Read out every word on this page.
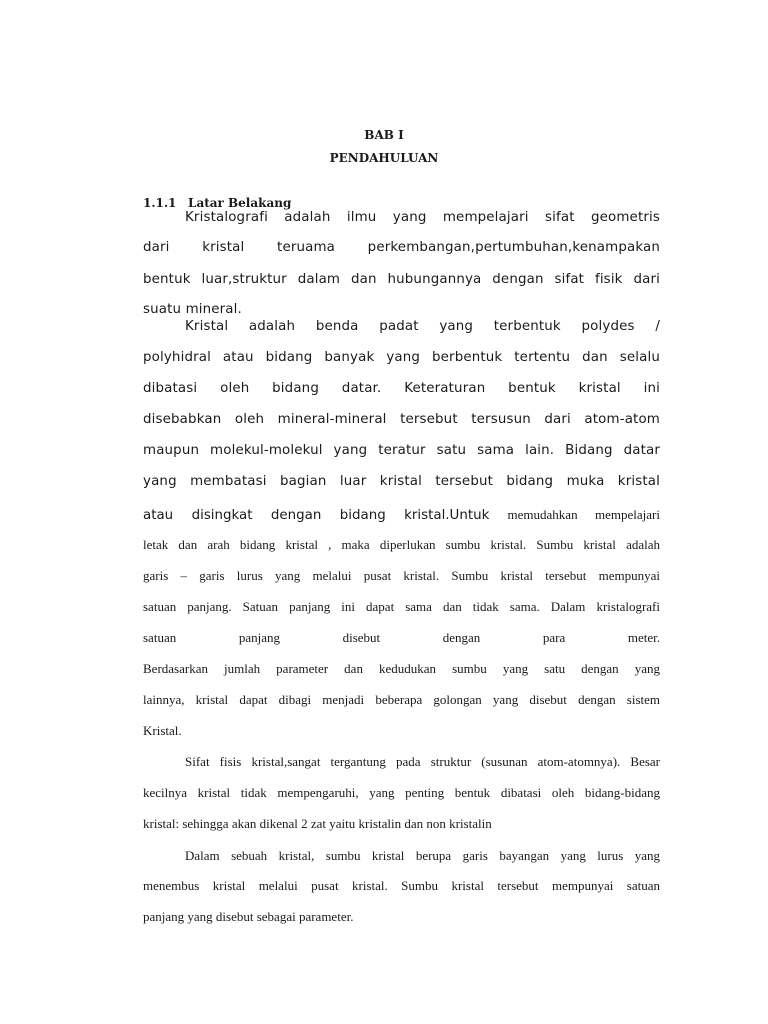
BAB I
PENDAHULUAN
1.1.1 Latar Belakang
Kristalografi adalah ilmu yang mempelajari sifat geometris
dari kristal teruama perkembangan,pertumbuhan,kenampakan
bentuk luar,struktur dalam dan hubungannya dengan sifat fisik dari
suatu mineral.
Kristal adalah benda padat yang terbentuk polydes /
polyhidral atau bidang banyak yang berbentuk tertentu dan selalu
dibatasi oleh bidang datar. Keteraturan bentuk kristal ini
disebabkan oleh mineral-mineral tersebut tersusun dari atom-atom
maupun molekul-molekul yang teratur satu sama lain. Bidang datar
yang membatasi bagian luar kristal tersebut bidang muka kristal
atau disingkat dengan bidang kristal.Untuk memudahkan mempelajari
letak dan arah bidang kristal , maka diperlukan sumbu kristal. Sumbu kristal adalah
garis – garis lurus yang melalui pusat kristal. Sumbu kristal tersebut mempunyai
satuan panjang. Satuan panjang ini dapat sama dan tidak sama. Dalam kristalografi
satuan panjang disebut dengan para meter.
Berdasarkan jumlah parameter dan kedudukan sumbu yang satu dengan yang
lainnya, kristal dapat dibagi menjadi beberapa golongan yang disebut dengan sistem
Kristal.
Sifat fisis kristal,sangat tergantung pada struktur (susunan atom-atomnya). Besar
kecilnya kristal tidak mempengaruhi, yang penting bentuk dibatasi oleh bidang-bidang
kristal: sehingga akan dikenal 2 zat yaitu kristalin dan non kristalin
Dalam sebuah kristal, sumbu kristal berupa garis bayangan yang lurus yang
menembus kristal melalui pusat kristal. Sumbu kristal tersebut mempunyai satuan
panjang yang disebut sebagai parameter.
